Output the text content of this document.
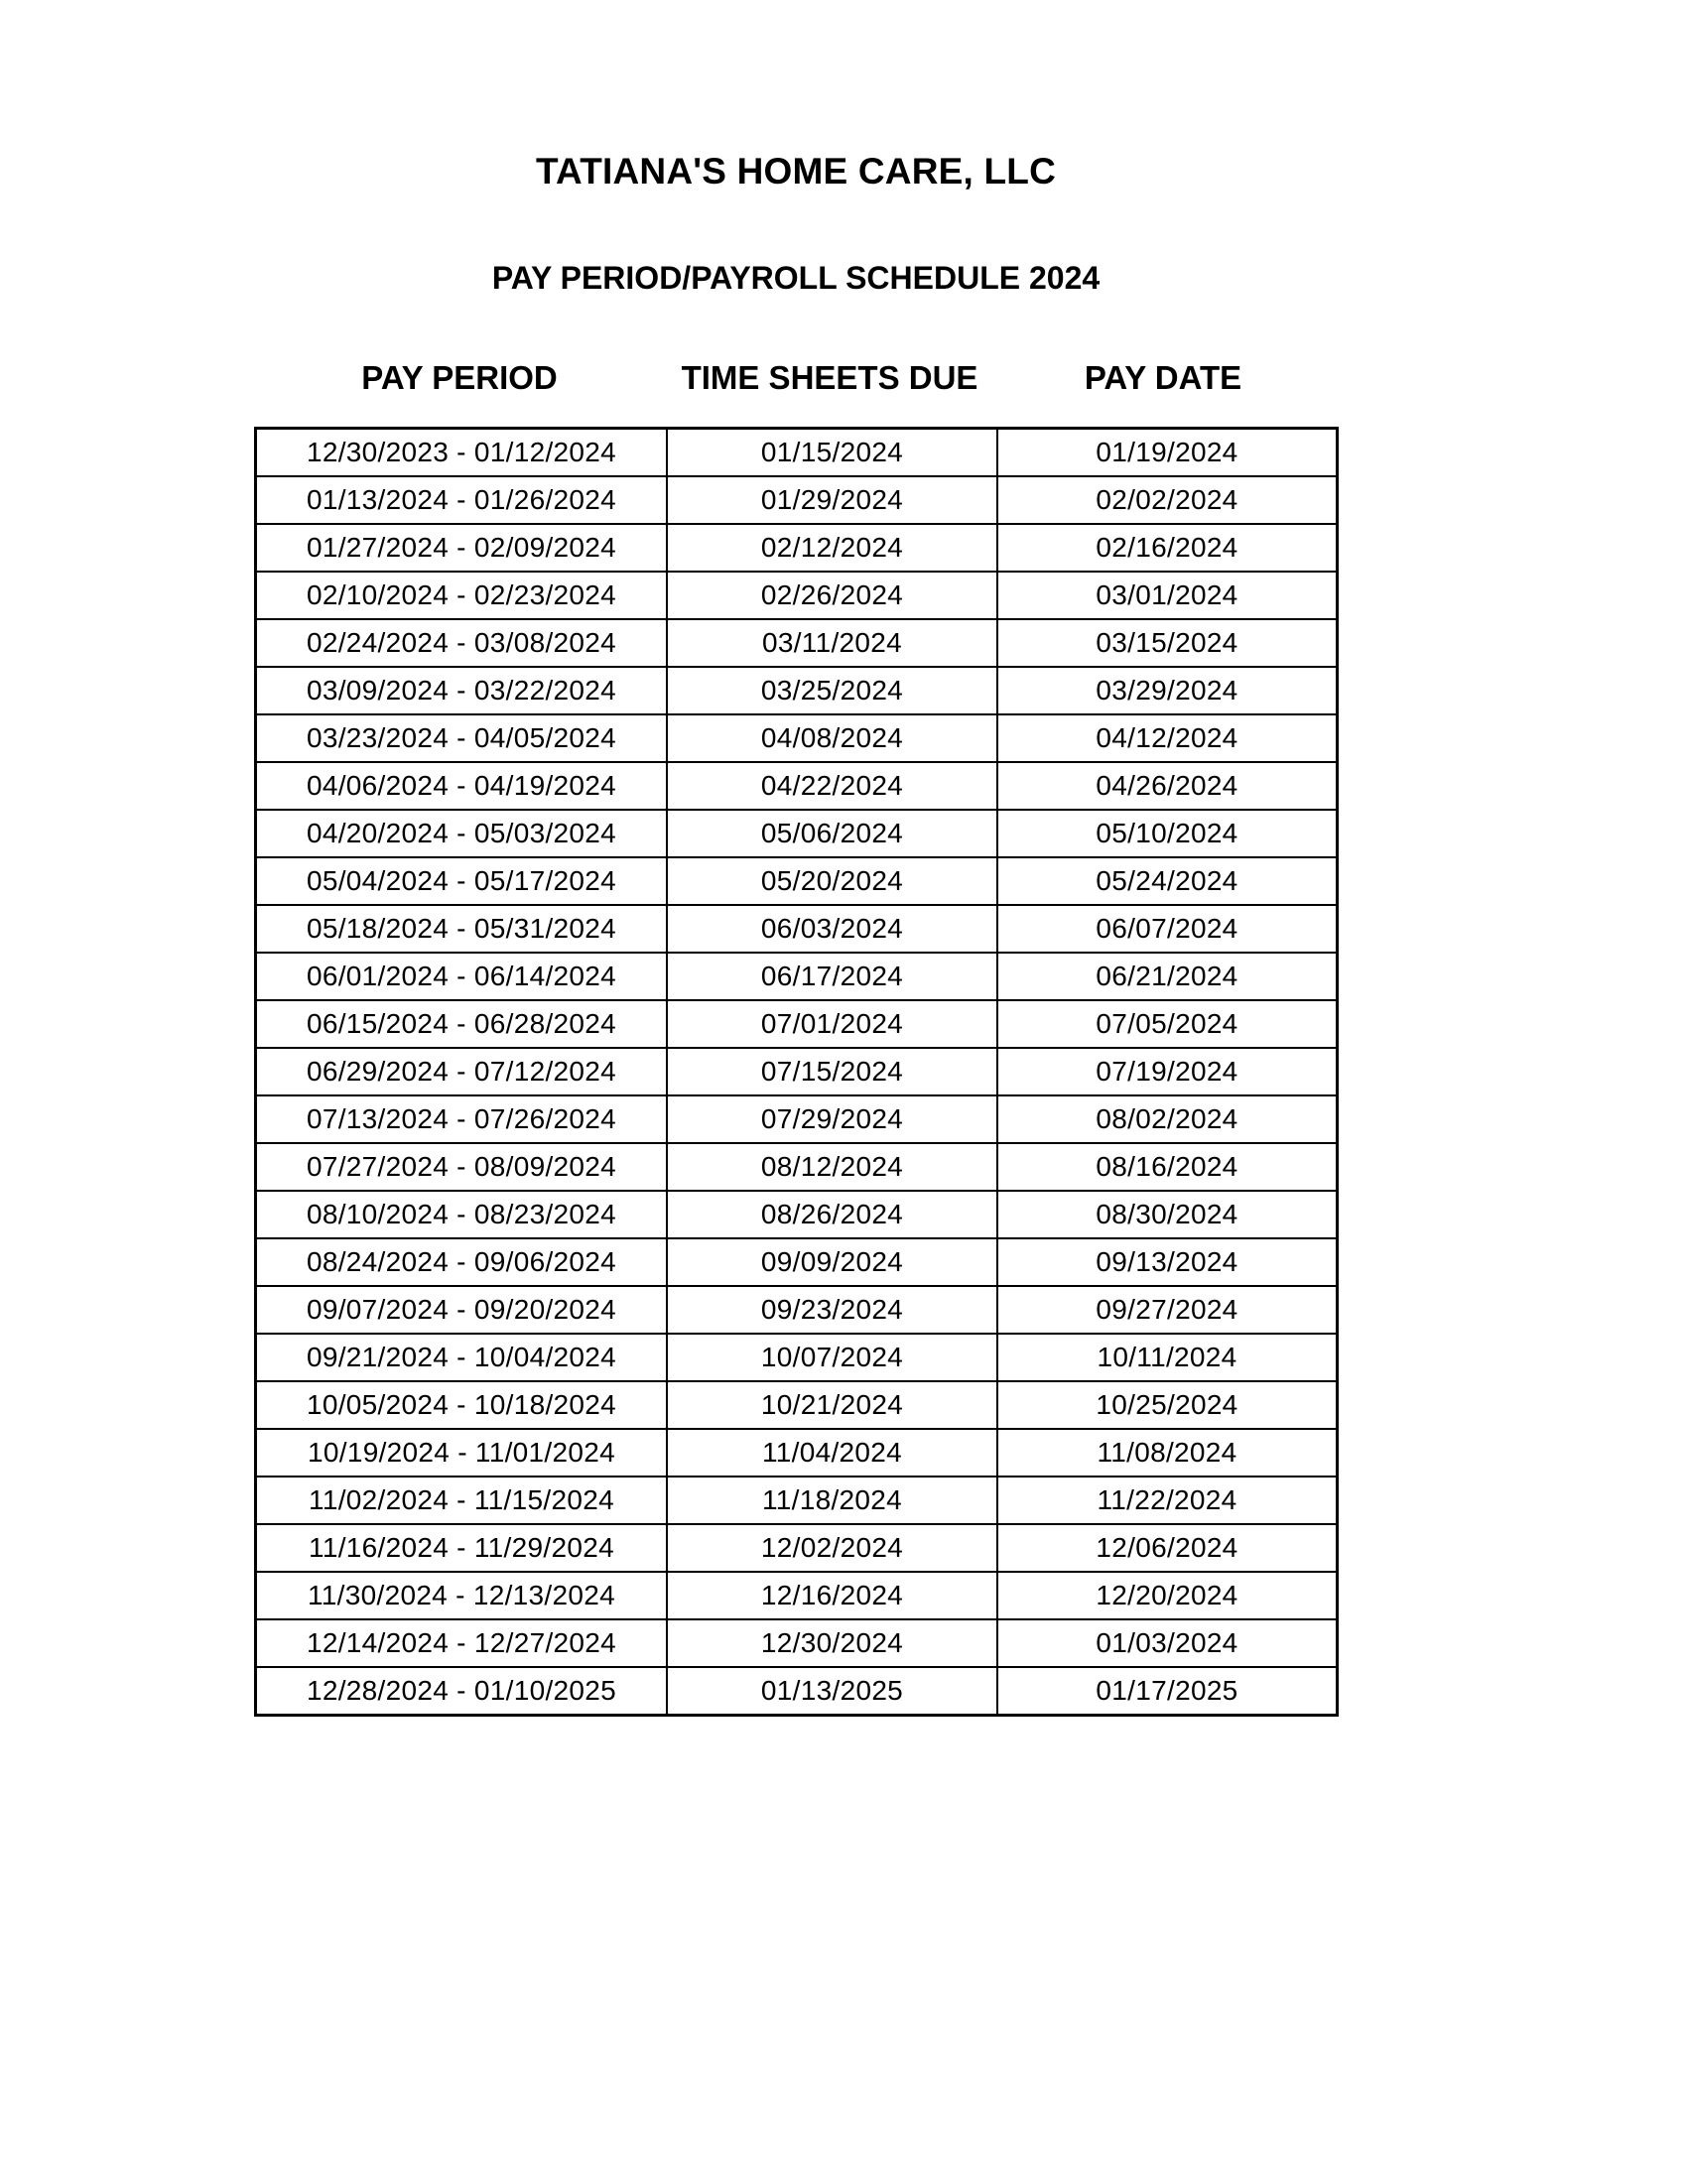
TATIANA'S HOME CARE, LLC
PAY PERIOD/PAYROLL SCHEDULE 2024
PAY PERIOD	TIME SHEETS DUE	PAY DATE
12/30/2023 - 01/12/2024	01/15/2024	01/19/2024
01/13/2024 - 01/26/2024	01/29/2024	02/02/2024
01/27/2024 - 02/09/2024	02/12/2024	02/16/2024
02/10/2024 - 02/23/2024	02/26/2024	03/01/2024
02/24/2024 - 03/08/2024	03/11/2024	03/15/2024
03/09/2024 - 03/22/2024	03/25/2024	03/29/2024
03/23/2024 - 04/05/2024	04/08/2024	04/12/2024
04/06/2024 - 04/19/2024	04/22/2024	04/26/2024
04/20/2024 - 05/03/2024	05/06/2024	05/10/2024
05/04/2024 - 05/17/2024	05/20/2024	05/24/2024
05/18/2024 - 05/31/2024	06/03/2024	06/07/2024
06/01/2024 - 06/14/2024	06/17/2024	06/21/2024
06/15/2024 - 06/28/2024	07/01/2024	07/05/2024
06/29/2024 - 07/12/2024	07/15/2024	07/19/2024
07/13/2024 - 07/26/2024	07/29/2024	08/02/2024
07/27/2024 - 08/09/2024	08/12/2024	08/16/2024
08/10/2024 - 08/23/2024	08/26/2024	08/30/2024
08/24/2024 - 09/06/2024	09/09/2024	09/13/2024
09/07/2024 - 09/20/2024	09/23/2024	09/27/2024
09/21/2024 - 10/04/2024	10/07/2024	10/11/2024
10/05/2024 - 10/18/2024	10/21/2024	10/25/2024
10/19/2024 - 11/01/2024	11/04/2024	11/08/2024
11/02/2024 - 11/15/2024	11/18/2024	11/22/2024
11/16/2024 - 11/29/2024	12/02/2024	12/06/2024
11/30/2024 - 12/13/2024	12/16/2024	12/20/2024
12/14/2024 - 12/27/2024	12/30/2024	01/03/2024
12/28/2024 - 01/10/2025	01/13/2025	01/17/2025
